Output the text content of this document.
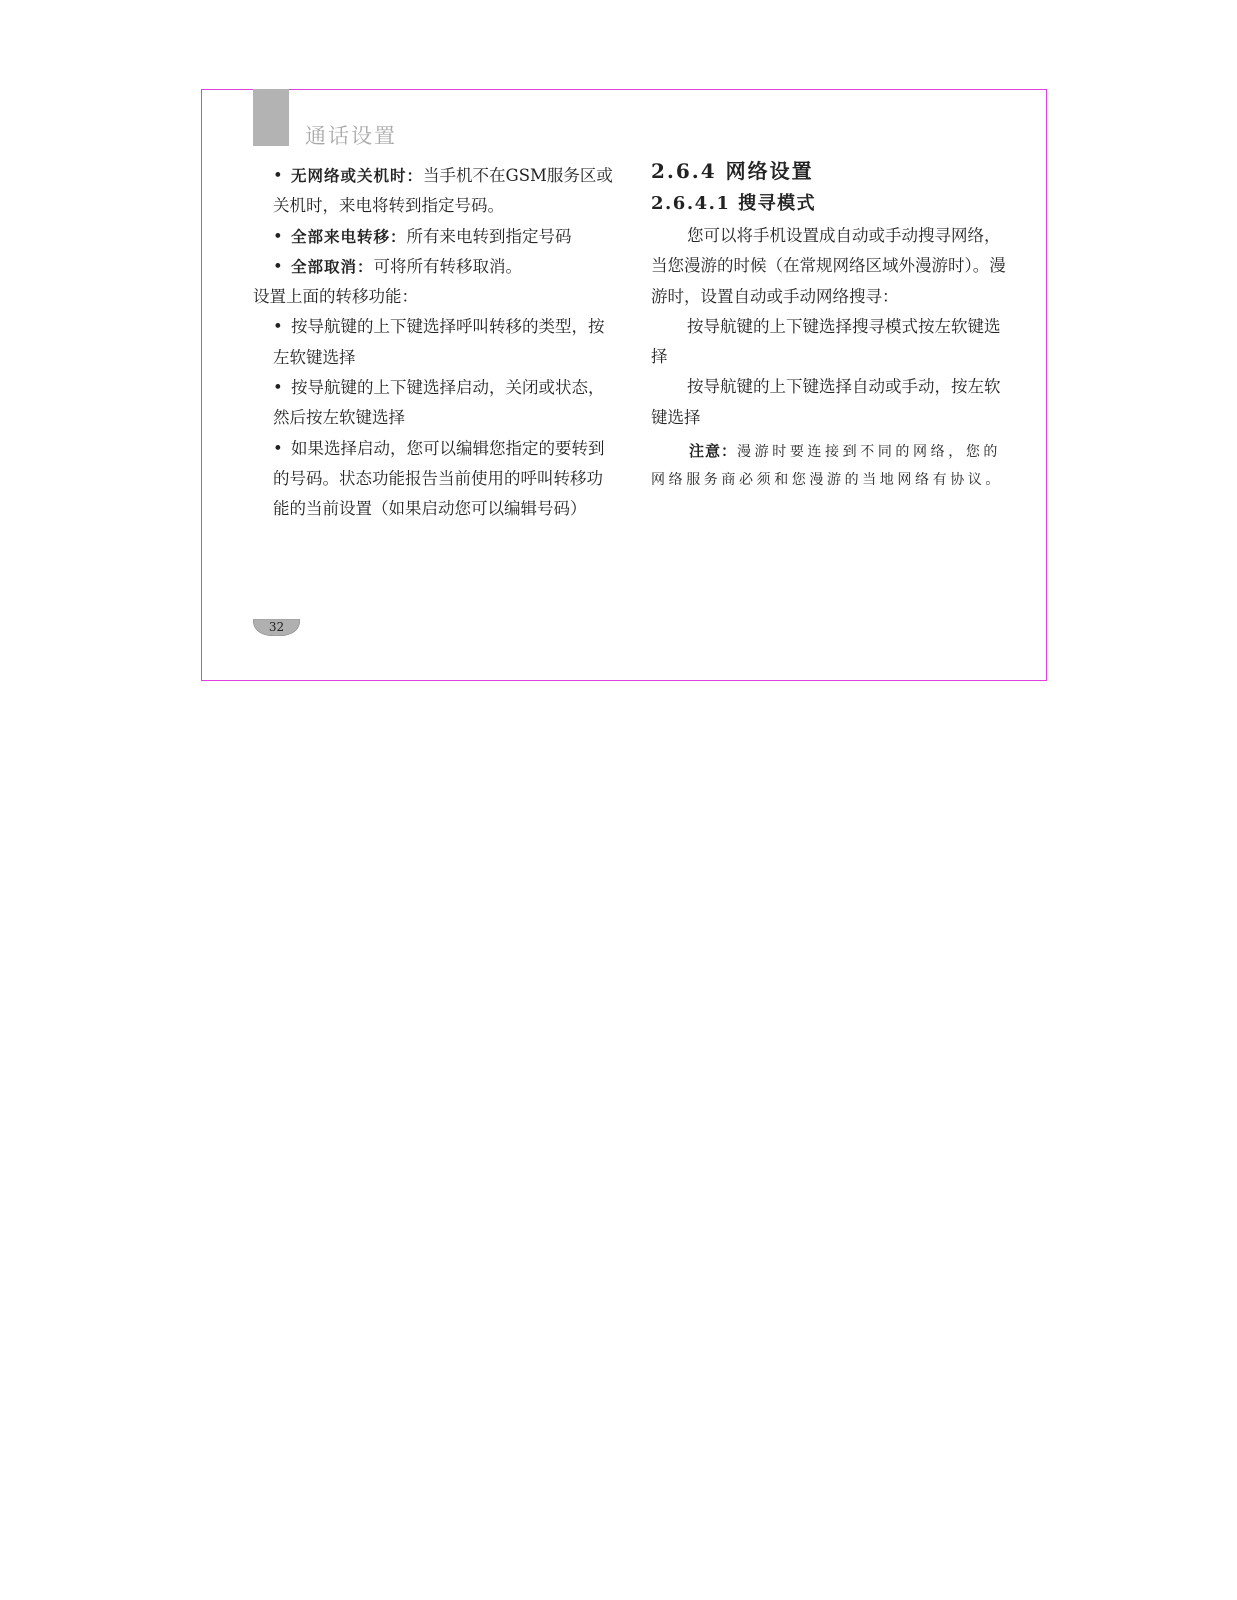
通话设置

• 无网络或关机时：当手机不在GSM服务区或关机时，来电将转到指定号码。

• 全部来电转移：所有来电转到指定号码

• 全部取消：可将所有转移取消。

设置上面的转移功能：

• 按导航键的上下键选择呼叫转移的类型，按左软键选择

• 按导航键的上下键选择启动，关闭或状态，然后按左软键选择

• 如果选择启动，您可以编辑您指定的要转到的号码。状态功能报告当前使用的呼叫转移功能的当前设置（如果启动您可以编辑号码）

2.6.4 网络设置

2.6.4.1 搜寻模式

您可以将手机设置成自动或手动搜寻网络，当您漫游的时候（在常规网络区域外漫游时）。漫游时，设置自动或手动网络搜寻：

按导航键的上下键选择搜寻模式按左软键选择

按导航键的上下键选择自动或手动，按左软键选择

注意：漫游时要连接到不同的网络，您的网络服务商必须和您漫游的当地网络有协议。

32
